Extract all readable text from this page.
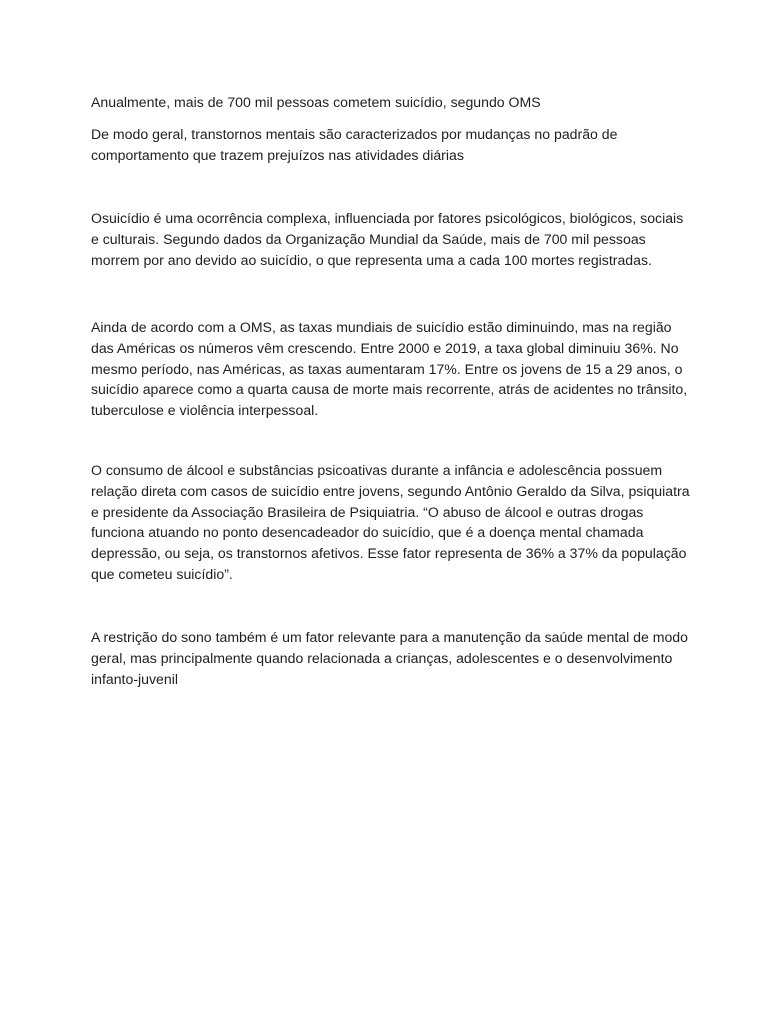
Anualmente, mais de 700 mil pessoas cometem suicídio, segundo OMS

De modo geral, transtornos mentais são caracterizados por mudanças no padrão de
comportamento que trazem prejuízos nas atividades diárias

Osuicídio é uma ocorrência complexa, influenciada por fatores psicológicos, biológicos, sociais
e culturais. Segundo dados da Organização Mundial da Saúde, mais de 700 mil pessoas
morrem por ano devido ao suicídio, o que representa uma a cada 100 mortes registradas.

Ainda de acordo com a OMS, as taxas mundiais de suicídio estão diminuindo, mas na região
das Américas os números vêm crescendo. Entre 2000 e 2019, a taxa global diminuiu 36%. No
mesmo período, nas Américas, as taxas aumentaram 17%. Entre os jovens de 15 a 29 anos, o
suicídio aparece como a quarta causa de morte mais recorrente, atrás de acidentes no trânsito,
tuberculose e violência interpessoal.

O consumo de álcool e substâncias psicoativas durante a infância e adolescência possuem
relação direta com casos de suicídio entre jovens, segundo Antônio Geraldo da Silva, psiquiatra
e presidente da Associação Brasileira de Psiquiatria. “O abuso de álcool e outras drogas
funciona atuando no ponto desencadeador do suicídio, que é a doença mental chamada
depressão, ou seja, os transtornos afetivos. Esse fator representa de 36% a 37% da população
que cometeu suicídio”.

A restrição do sono também é um fator relevante para a manutenção da saúde mental de modo
geral, mas principalmente quando relacionada a crianças, adolescentes e o desenvolvimento
infanto-juvenil
